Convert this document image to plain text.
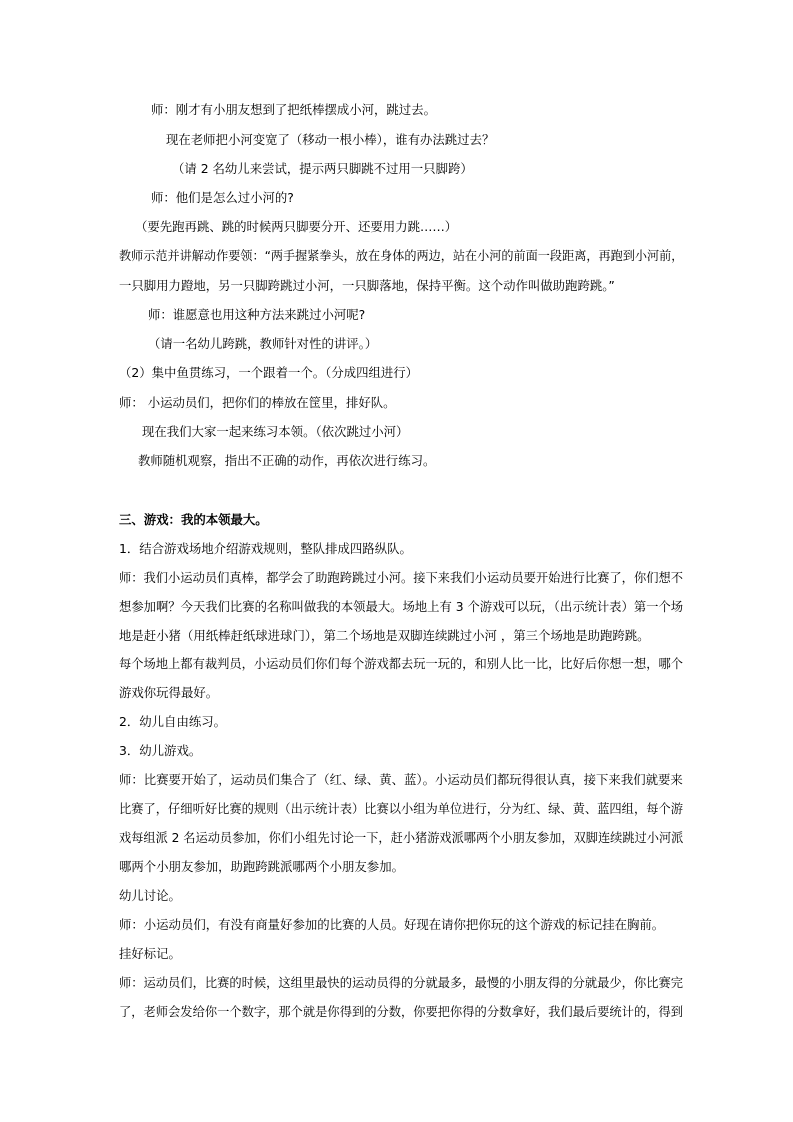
师：刚才有小朋友想到了把纸棒摆成小河，跳过去。
现在老师把小河变宽了（移动一根小棒），谁有办法跳过去？
（请 2 名幼儿来尝试，提示两只脚跳不过用一只脚跨）
师：他们是怎么过小河的?
（要先跑再跳、跳的时候两只脚要分开、还要用力跳……）
教师示范并讲解动作要领：“两手握紧拳头，放在身体的两边，站在小河的前面一段距离，再跑到小河前，
一只脚用力蹬地，另一只脚跨跳过小河，一只脚落地，保持平衡。这个动作叫做助跑跨跳。”
师：谁愿意也用这种方法来跳过小河呢?
（请一名幼儿跨跳，教师针对性的讲评。）
（2）集中鱼贯练习，一个跟着一个。（分成四组进行）
师： 小运动员们，把你们的棒放在筐里，排好队。
现在我们大家一起来练习本领。（依次跳过小河）
教师随机观察，指出不正确的动作，再依次进行练习。
三、游戏：我的本领最大。
1．结合游戏场地介绍游戏规则，整队排成四路纵队。
师：我们小运动员们真棒，都学会了助跑跨跳过小河。接下来我们小运动员要开始进行比赛了，你们想不
想参加啊？今天我们比赛的名称叫做我的本领最大。场地上有 3 个游戏可以玩，（出示统计表）第一个场
地是赶小猪（用纸棒赶纸球进球门），第二个场地是双脚连续跳过小河 ，第三个场地是助跑跨跳。
每个场地上都有裁判员，小运动员们你们每个游戏都去玩一玩的，和别人比一比，比好后你想一想，哪个
游戏你玩得最好。
2．幼儿自由练习。
3．幼儿游戏。
师：比赛要开始了，运动员们集合了（红、绿、黄、蓝）。小运动员们都玩得很认真，接下来我们就要来
比赛了，仔细听好比赛的规则（出示统计表）比赛以小组为单位进行，分为红、绿、黄、蓝四组，每个游
戏每组派 2 名运动员参加，你们小组先讨论一下，赶小猪游戏派哪两个小朋友参加，双脚连续跳过小河派
哪两个小朋友参加，助跑跨跳派哪两个小朋友参加。
幼儿讨论。
师：小运动员们，有没有商量好参加的比赛的人员。好现在请你把你玩的这个游戏的标记挂在胸前。
挂好标记。
师：运动员们，比赛的时候，这组里最快的运动员得的分就最多，最慢的小朋友得的分就最少，你比赛完
了，老师会发给你一个数字，那个就是你得到的分数，你要把你得的分数拿好，我们最后要统计的，得到
